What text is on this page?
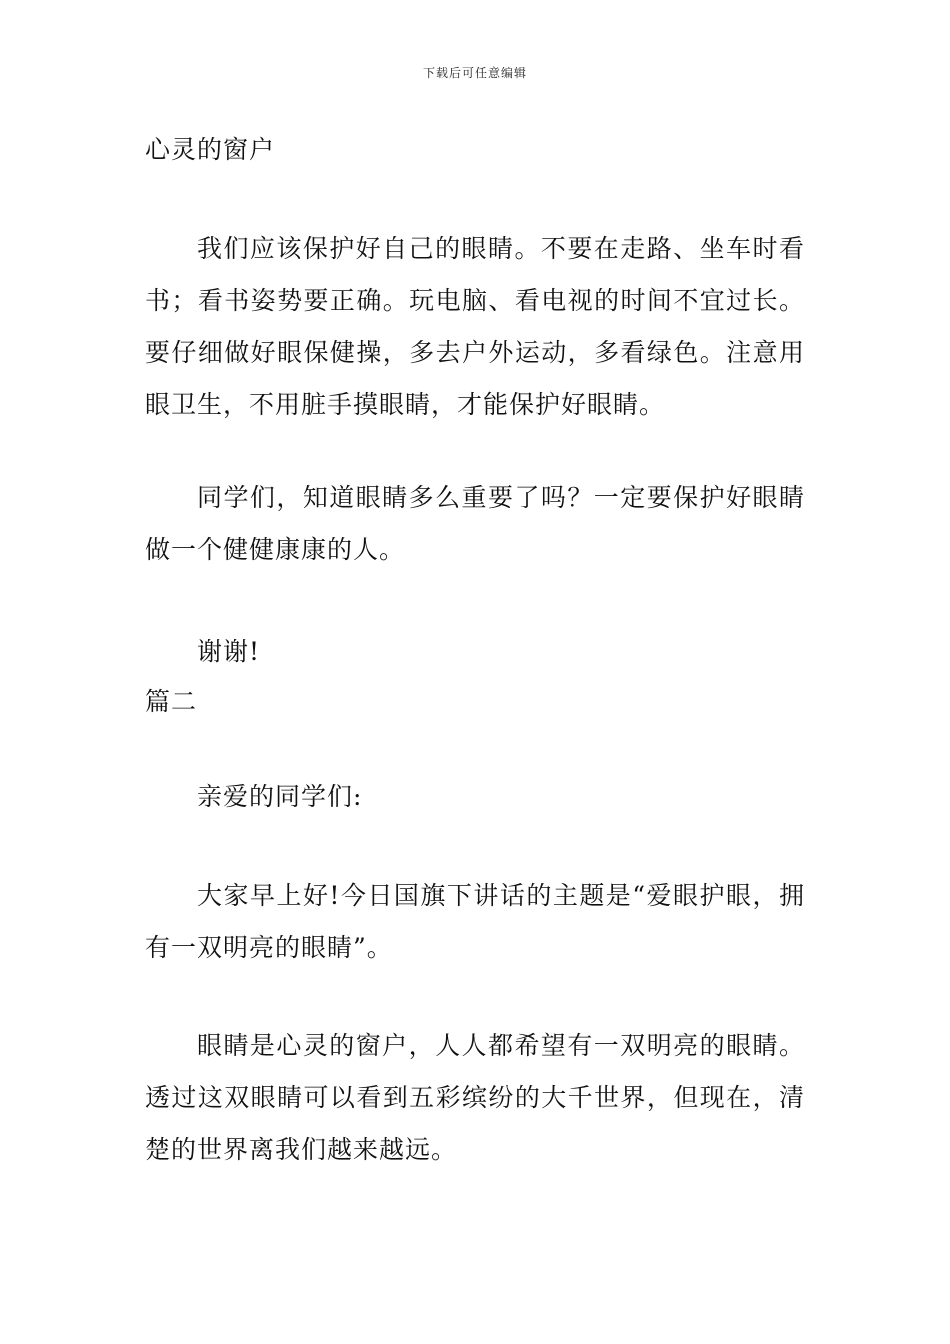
下载后可任意编辑
心灵的窗户

我们应该保护好自己的眼睛。不要在走路、坐车时看书；看书姿势要正确。玩电脑、看电视的时间不宜过长。要仔细做好眼保健操，多去户外运动，多看绿色。注意用眼卫生，不用脏手摸眼睛，才能保护好眼睛。

同学们，知道眼睛多么重要了吗？一定要保护好眼睛做一个健健康康的人。

谢谢!
篇二
亲爱的同学们:

大家早上好!今日国旗下讲话的主题是“爱眼护眼，拥有一双明亮的眼睛”。

眼睛是心灵的窗户，人人都希望有一双明亮的眼睛。透过这双眼睛可以看到五彩缤纷的大千世界，但现在，清楚的世界离我们越来越远。
